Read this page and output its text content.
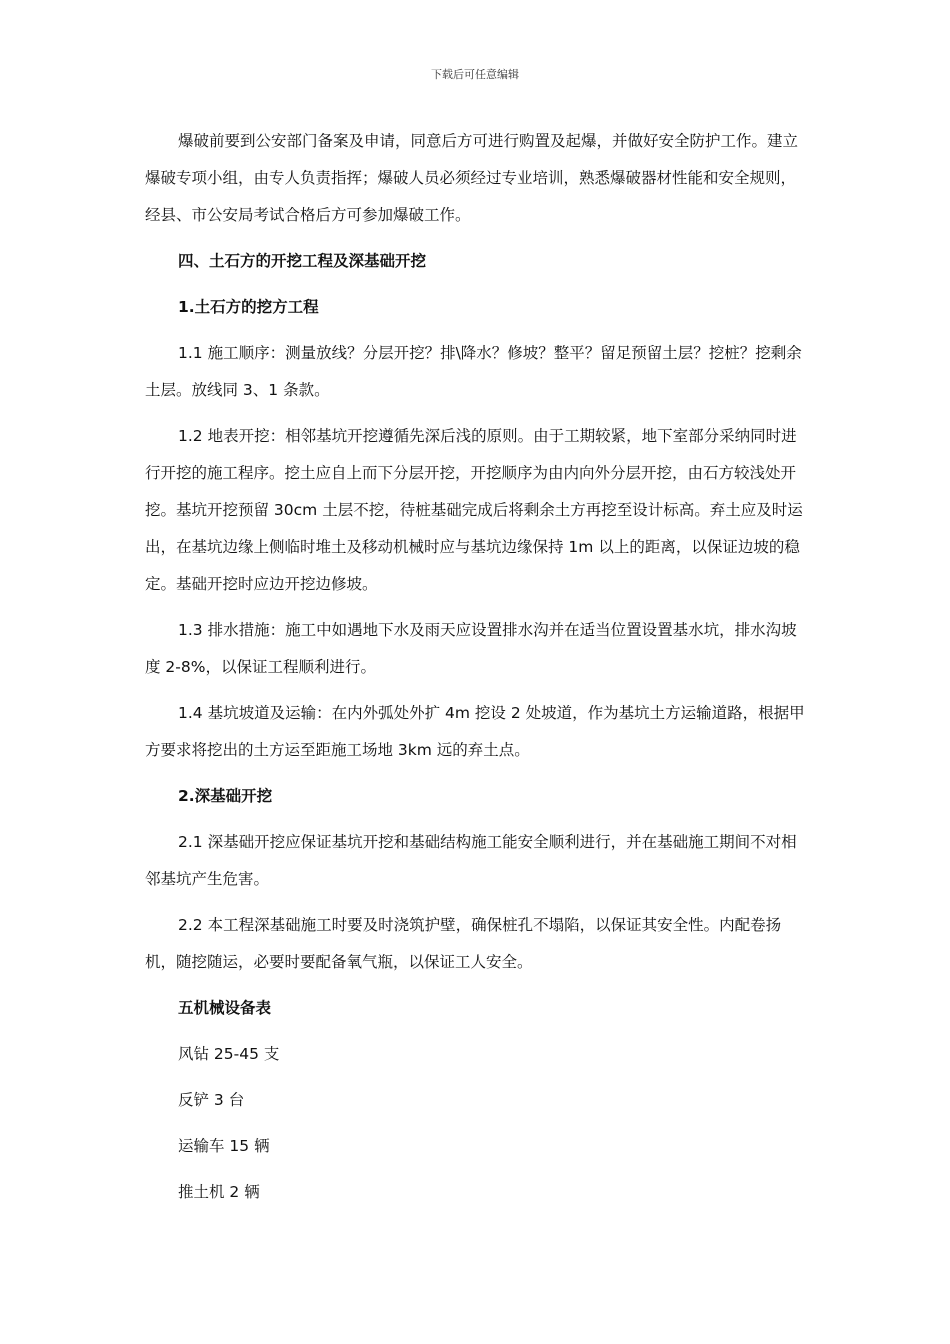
下载后可任意编辑

爆破前要到公安部门备案及申请，同意后方可进行购置及起爆，并做好安全防护工作。建立爆破专项小组，由专人负责指挥；爆破人员必须经过专业培训，熟悉爆破器材性能和安全规则，经县、市公安局考试合格后方可参加爆破工作。

四、土石方的开挖工程及深基础开挖

1.土石方的挖方工程

1.1 施工顺序：测量放线？分层开挖？排\降水？修坡？整平？留足预留土层？挖桩？挖剩余土层。放线同 3、1 条款。

1.2 地表开挖：相邻基坑开挖遵循先深后浅的原则。由于工期较紧，地下室部分采纳同时进行开挖的施工程序。挖土应自上而下分层开挖，开挖顺序为由内向外分层开挖，由石方较浅处开挖。基坑开挖预留 30cm 土层不挖，待桩基础完成后将剩余土方再挖至设计标高。弃土应及时运出，在基坑边缘上侧临时堆土及移动机械时应与基坑边缘保持 1m 以上的距离，以保证边坡的稳定。基础开挖时应边开挖边修坡。

1.3 排水措施：施工中如遇地下水及雨天应设置排水沟并在适当位置设置基水坑，排水沟坡度 2-8%，以保证工程顺利进行。

1.4 基坑坡道及运输：在内外弧处外扩 4m 挖设 2 处坡道，作为基坑土方运输道路，根据甲方要求将挖出的土方运至距施工场地 3km 远的弃土点。

2.深基础开挖

2.1 深基础开挖应保证基坑开挖和基础结构施工能安全顺利进行，并在基础施工期间不对相邻基坑产生危害。

2.2 本工程深基础施工时要及时浇筑护壁，确保桩孔不塌陷，以保证其安全性。内配卷扬机，随挖随运，必要时要配备氧气瓶，以保证工人安全。

五机械设备表

风钻 25-45 支

反铲 3 台

运输车 15 辆

推土机 2 辆
